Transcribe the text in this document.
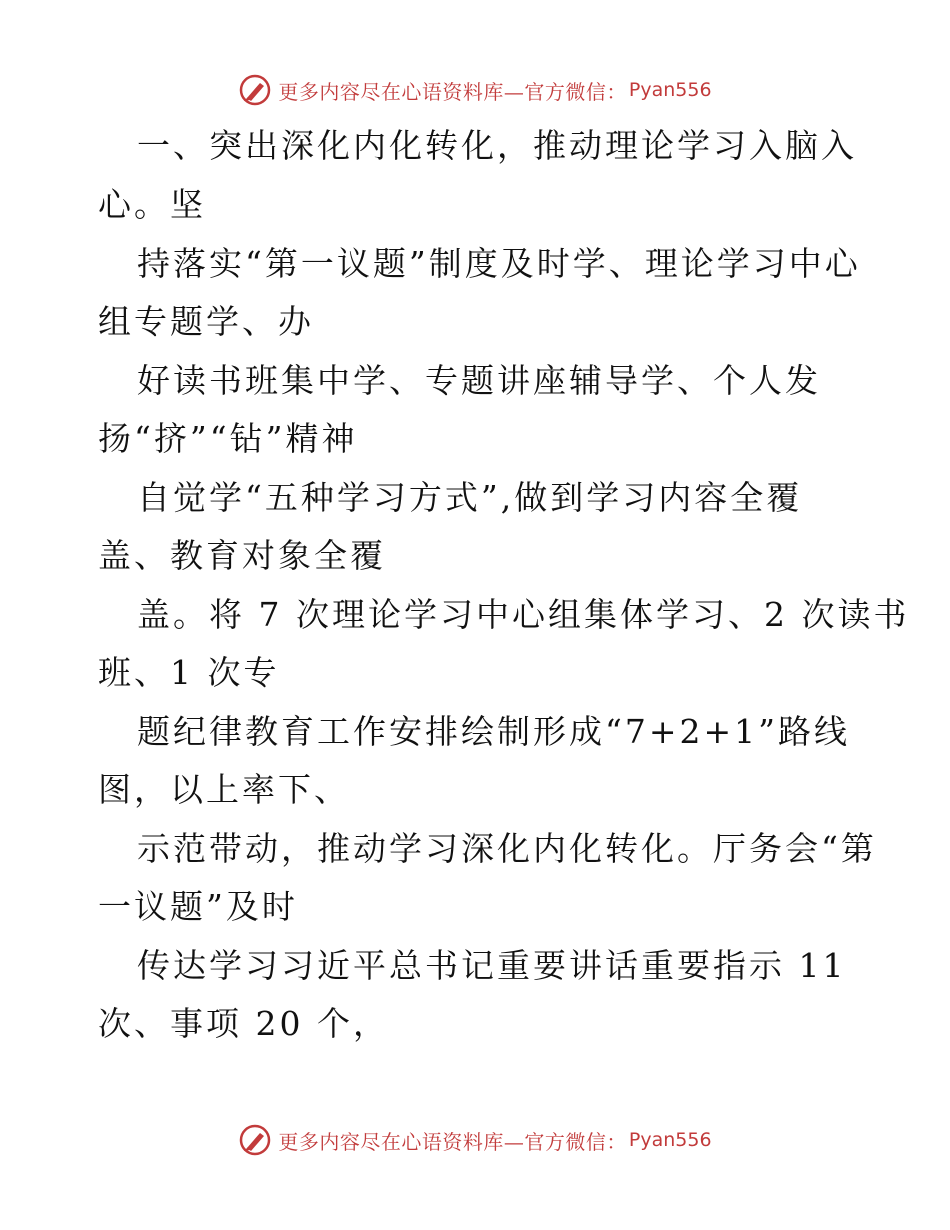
更多内容尽在心语资料库—官方微信： Pyan556
一、突出深化内化转化，推动理论学习入脑入
心。坚
持落实“第一议题”制度及时学、理论学习中心
组专题学、办
好读书班集中学、专题讲座辅导学、个人发
扬“挤”“钻”精神
自觉学“五种学习方式”,做到学习内容全覆
盖、教育对象全覆
盖。将 7 次理论学习中心组集体学习、2 次读书
班、1 次专
题纪律教育工作安排绘制形成“7+2+1”路线
图，以上率下、
示范带动，推动学习深化内化转化。厅务会“第
一议题”及时
传达学习习近平总书记重要讲话重要指示 11
次、事项 20 个，
更多内容尽在心语资料库—官方微信： Pyan556
